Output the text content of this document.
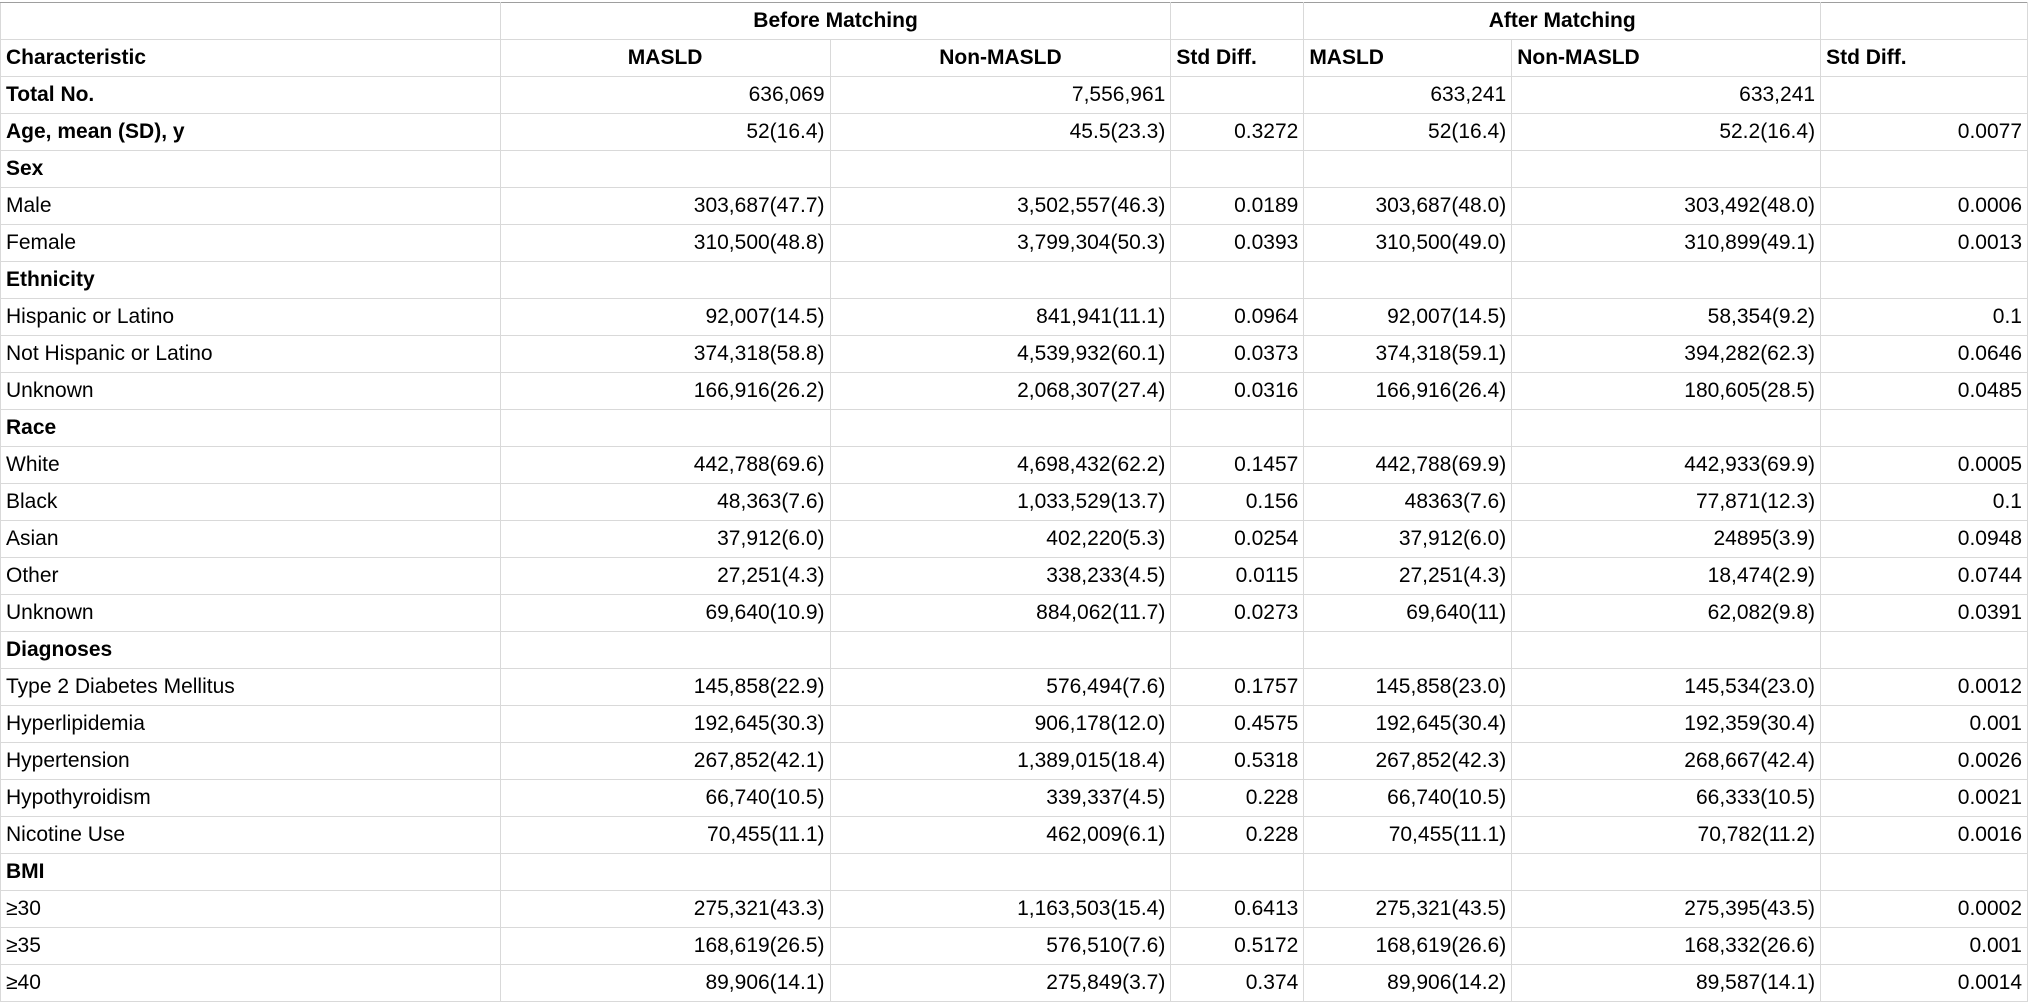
	Before Matching			After Matching		
Characteristic	MASLD	Non-MASLD	Std Diff.	MASLD	Non-MASLD	Std Diff.
Total No.	636,069	7,556,961		633,241	633,241	
Age, mean (SD), y	52(16.4)	45.5(23.3)	0.3272	52(16.4)	52.2(16.4)	0.0077
Sex						
Male	303,687(47.7)	3,502,557(46.3)	0.0189	303,687(48.0)	303,492(48.0)	0.0006
Female	310,500(48.8)	3,799,304(50.3)	0.0393	310,500(49.0)	310,899(49.1)	0.0013
Ethnicity						
Hispanic or Latino	92,007(14.5)	841,941(11.1)	0.0964	92,007(14.5)	58,354(9.2)	0.1
Not Hispanic or Latino	374,318(58.8)	4,539,932(60.1)	0.0373	374,318(59.1)	394,282(62.3)	0.0646
Unknown	166,916(26.2)	2,068,307(27.4)	0.0316	166,916(26.4)	180,605(28.5)	0.0485
Race						
White	442,788(69.6)	4,698,432(62.2)	0.1457	442,788(69.9)	442,933(69.9)	0.0005
Black	48,363(7.6)	1,033,529(13.7)	0.156	48363(7.6)	77,871(12.3)	0.1
Asian	37,912(6.0)	402,220(5.3)	0.0254	37,912(6.0)	24895(3.9)	0.0948
Other	27,251(4.3)	338,233(4.5)	0.0115	27,251(4.3)	18,474(2.9)	0.0744
Unknown	69,640(10.9)	884,062(11.7)	0.0273	69,640(11)	62,082(9.8)	0.0391
Diagnoses						
Type 2 Diabetes Mellitus	145,858(22.9)	576,494(7.6)	0.1757	145,858(23.0)	145,534(23.0)	0.0012
Hyperlipidemia	192,645(30.3)	906,178(12.0)	0.4575	192,645(30.4)	192,359(30.4)	0.001
Hypertension	267,852(42.1)	1,389,015(18.4)	0.5318	267,852(42.3)	268,667(42.4)	0.0026
Hypothyroidism	66,740(10.5)	339,337(4.5)	0.228	66,740(10.5)	66,333(10.5)	0.0021
Nicotine Use	70,455(11.1)	462,009(6.1)	0.228	70,455(11.1)	70,782(11.2)	0.0016
BMI						
≥30	275,321(43.3)	1,163,503(15.4)	0.6413	275,321(43.5)	275,395(43.5)	0.0002
≥35	168,619(26.5)	576,510(7.6)	0.5172	168,619(26.6)	168,332(26.6)	0.001
≥40	89,906(14.1)	275,849(3.7)	0.374	89,906(14.2)	89,587(14.1)	0.0014
